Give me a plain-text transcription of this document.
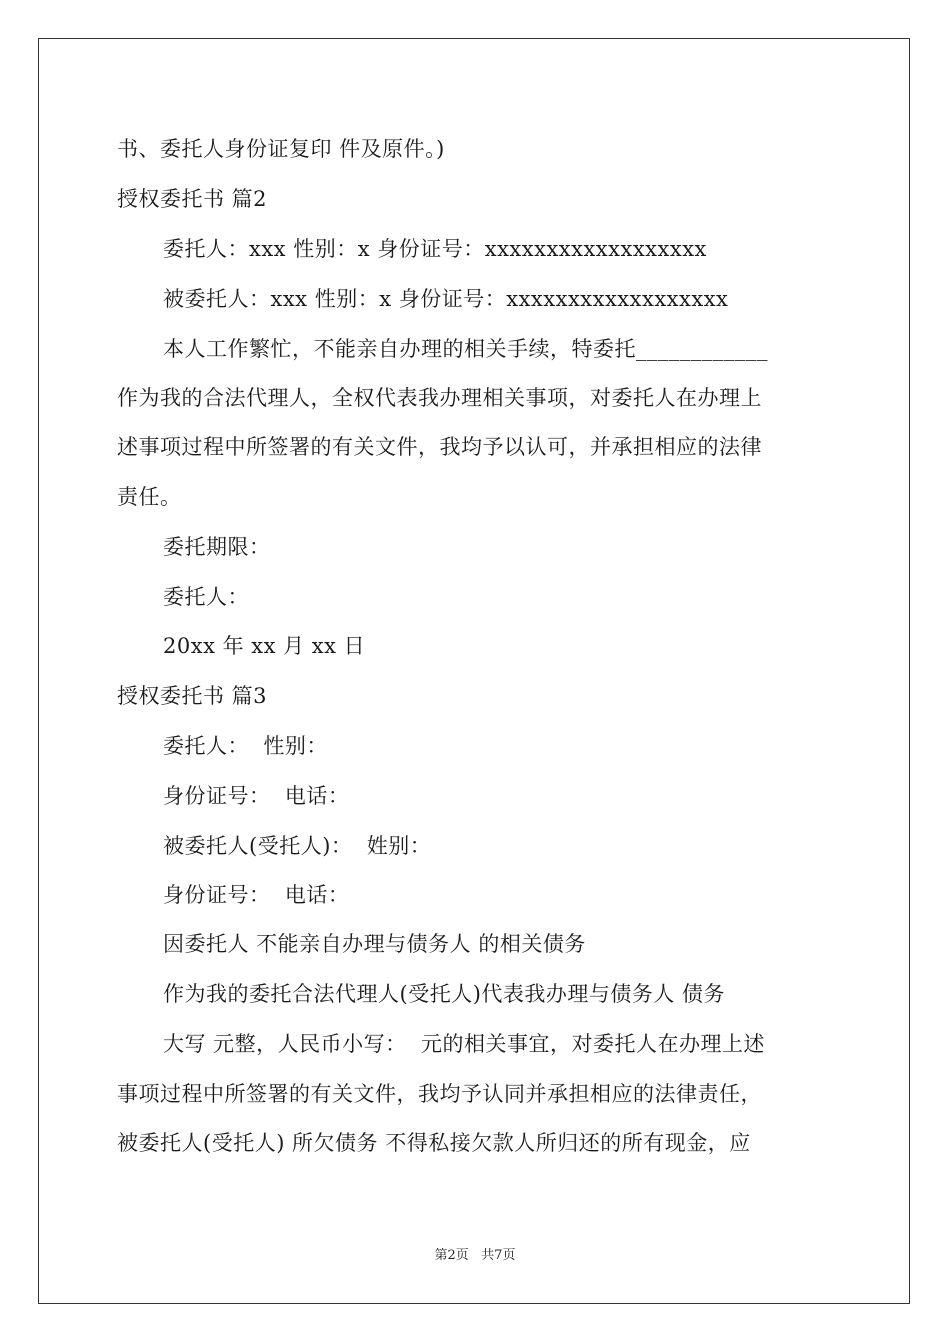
书、委托人身份证复印 件及原件。)
授权委托书 篇2
委托人：xxx 性别：x 身份证号：xxxxxxxxxxxxxxxxxx
被委托人：xxx 性别：x 身份证号：xxxxxxxxxxxxxxxxxx
本人工作繁忙，不能亲自办理的相关手续，特委托____________
作为我的合法代理人，全权代表我办理相关事项，对委托人在办理上
述事项过程中所签署的有关文件，我均予以认可，并承担相应的法律
责任。
委托期限：
委托人：
20xx 年 xx 月 xx 日
授权委托书 篇3
委托人：  性别：
身份证号：  电话：
被委托人(受托人)：  姓别：
身份证号：  电话：
因委托人 不能亲自办理与债务人 的相关债务
作为我的委托合法代理人(受托人)代表我办理与债务人 债务
大写 元整，人民币小写：  元的相关事宜，对委托人在办理上述
事项过程中所签署的有关文件，我均予认同并承担相应的法律责任，
被委托人(受托人) 所欠债务 不得私接欠款人所归还的所有现金，应
第2页   共7页
